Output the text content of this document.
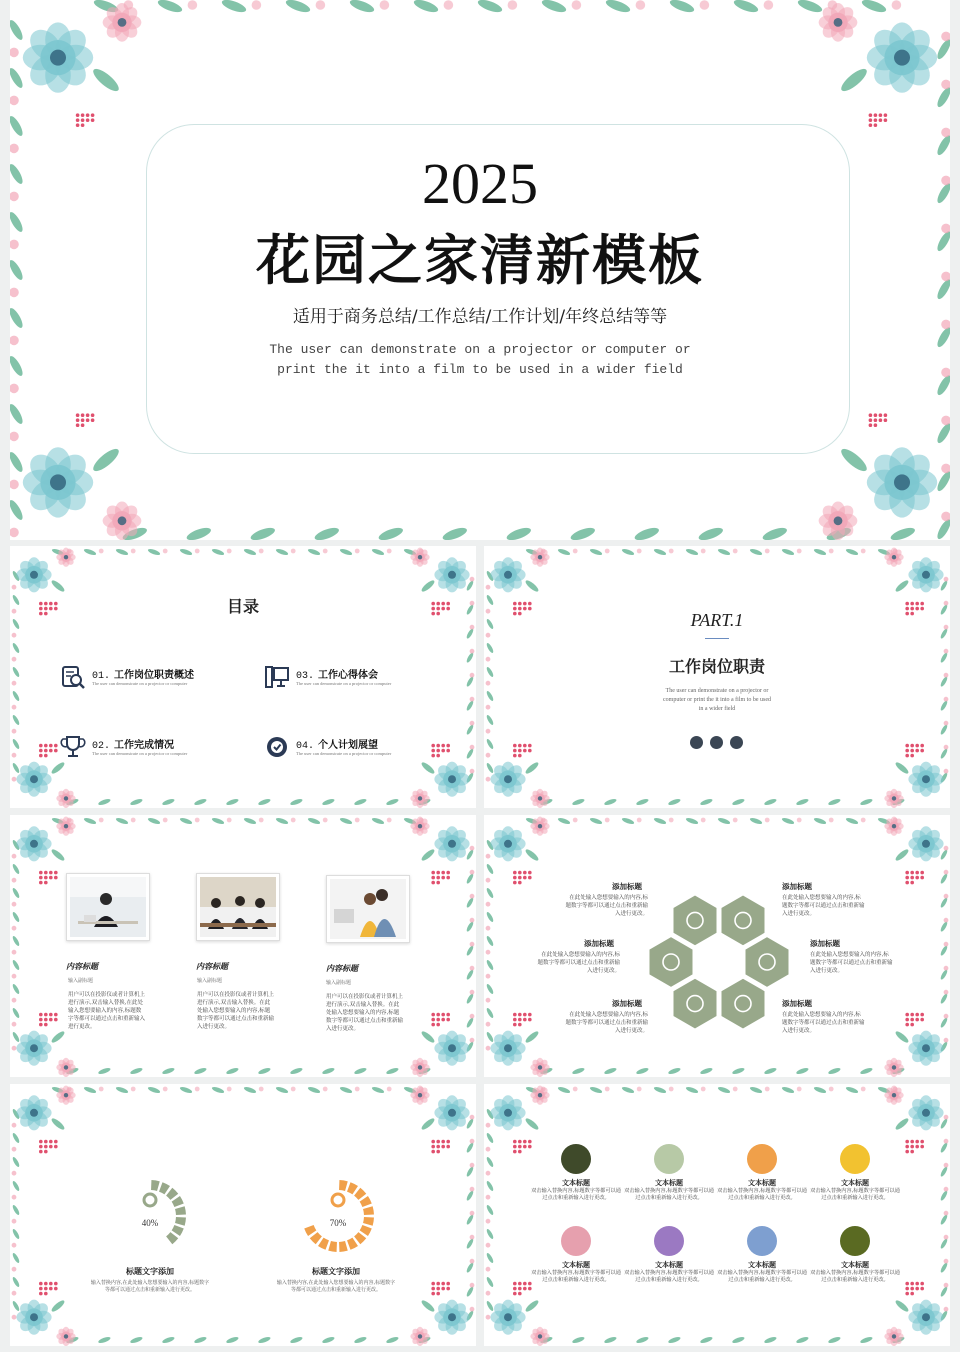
2025
花园之家清新模板
适用于商务总结/工作总结/工作计划/年终总结等等
The user can demonstrate on a projector or computer or
print the it into a film to be used in a wider field
目录
01. 工作岗位职责概述
The user can demonstrate on a projector or computer
03. 工作心得体会
The user can demonstrate on a projector or computer
02. 工作完成情况
The user can demonstrate on a projector or computer
04. 个人计划展望
The user can demonstrate on a projector or computer
PART.1
工作岗位职责
The user can demonstrate on a projector or
computer or print the it into a film to be used
in a wider field
内容标题
输入副标题
用户可以在投影仪或者计算机上进行演示,双击输入替换,在此处输入您想要输入的内容,标题数字等都可以通过点击和重新输入进行更改。
内容标题
输入副标题
用户可以在投影仪或者计算机上进行演示,双击输入替换。在此处输入您想要输入的内容,标题数字等都可以通过点击和重新输入进行更改。
内容标题
输入副标题
用户可以在投影仪或者计算机上进行演示,双击输入替换。在此处输入您想要输入的内容,标题数字等都可以通过点击和重新输入进行更改。
添加标题
在此处输入您想要输入的内容,标题数字等都可以通过点击和重新输入进行更改。
添加标题
在此处输入您想要输入的内容,标题数字等都可以通过点击和重新输入进行更改。
添加标题
在此处输入您想要输入的内容,标题数字等都可以通过点击和重新输入进行更改。
添加标题
在此处输入您想要输入的内容,标题数字等都可以通过点击和重新输入进行更改。
添加标题
在此处输入您想要输入的内容,标题数字等都可以通过点击和重新输入进行更改。
添加标题
在此处输入您想要输入的内容,标题数字等都可以通过点击和重新输入进行更改。
40%	70%
标题文字添加
输入替换内容,在此处输入您想要输入的内容,标题数字等都可以通过点击和重新输入进行更改。
标题文字添加
输入替换内容,在此处输入您想要输入的内容,标题数字等都可以通过点击和重新输入进行更改。
文本标题
双击输入替换内容,标题数字等都可以通过点击和重新输入进行更改。
文本标题
双击输入替换内容,标题数字等都可以通过点击和重新输入进行更改。
文本标题
双击输入替换内容,标题数字等都可以通过点击和重新输入进行更改。
文本标题
双击输入替换内容,标题数字等都可以通过点击和重新输入进行更改。
文本标题
双击输入替换内容,标题数字等都可以通过点击和重新输入进行更改。
文本标题
双击输入替换内容,标题数字等都可以通过点击和重新输入进行更改。
文本标题
双击输入替换内容,标题数字等都可以通过点击和重新输入进行更改。
文本标题
双击输入替换内容,标题数字等都可以通过点击和重新输入进行更改。
